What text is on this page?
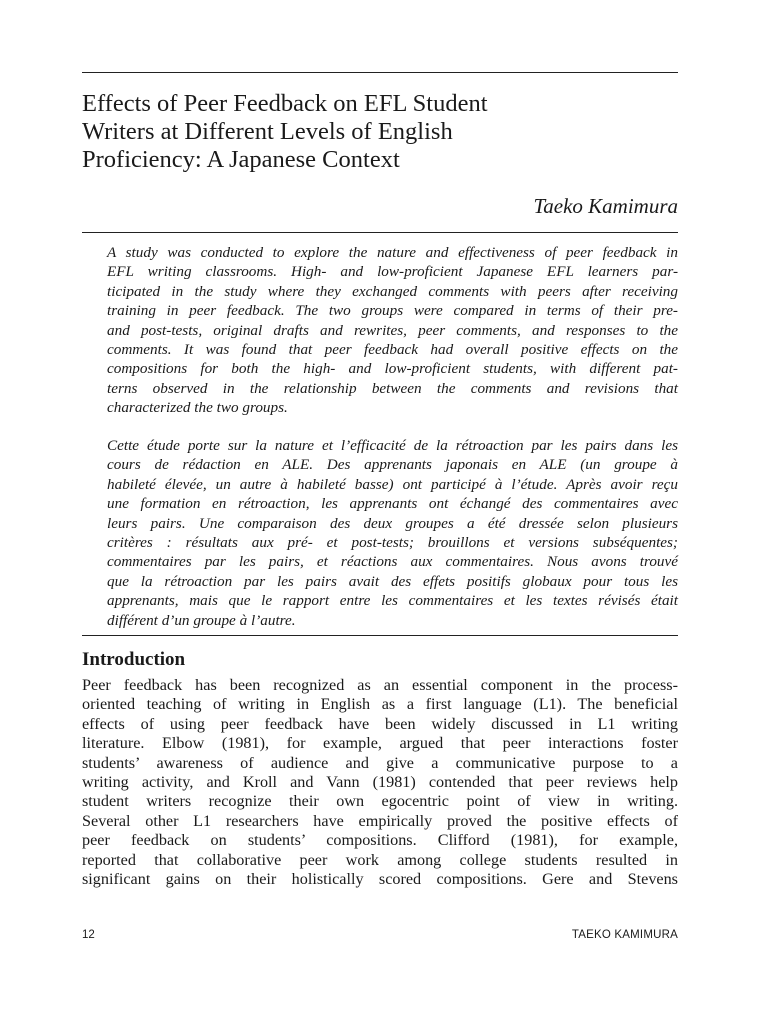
Effects of Peer Feedback on EFL Student
Writers at Different Levels of English
Proficiency: A Japanese Context
Taeko Kamimura

A study was conducted to explore the nature and effectiveness of peer feedback in
EFL writing classrooms. High- and low-proficient Japanese EFL learners par-
ticipated in the study where they exchanged comments with peers after receiving
training in peer feedback. The two groups were compared in terms of their pre-
and post-tests, original drafts and rewrites, peer comments, and responses to the
comments. It was found that peer feedback had overall positive effects on the
compositions for both the high- and low-proficient students, with different pat-
terns observed in the relationship between the comments and revisions that
characterized the two groups.

Cette étude porte sur la nature et l’efficacité de la rétroaction par les pairs dans les
cours de rédaction en ALE. Des apprenants japonais en ALE (un groupe à
habileté élevée, un autre à habileté basse) ont participé à l’étude. Après avoir reçu
une formation en rétroaction, les apprenants ont échangé des commentaires avec
leurs pairs. Une comparaison des deux groupes a été dressée selon plusieurs
critères : résultats aux pré- et post-tests; brouillons et versions subséquentes;
commentaires par les pairs, et réactions aux commentaires. Nous avons trouvé
que la rétroaction par les pairs avait des effets positifs globaux pour tous les
apprenants, mais que le rapport entre les commentaires et les textes révisés était
différent d’un groupe à l’autre.

Introduction

Peer feedback has been recognized as an essential component in the process-
oriented teaching of writing in English as a first language (L1). The beneficial
effects of using peer feedback have been widely discussed in L1 writing
literature. Elbow (1981), for example, argued that peer interactions foster
students’ awareness of audience and give a communicative purpose to a
writing activity, and Kroll and Vann (1981) contended that peer reviews help
student writers recognize their own egocentric point of view in writing.
Several other L1 researchers have empirically proved the positive effects of
peer feedback on students’ compositions. Clifford (1981), for example,
reported that collaborative peer work among college students resulted in
significant gains on their holistically scored compositions. Gere and Stevens

12	TAEKO KAMIMURA
